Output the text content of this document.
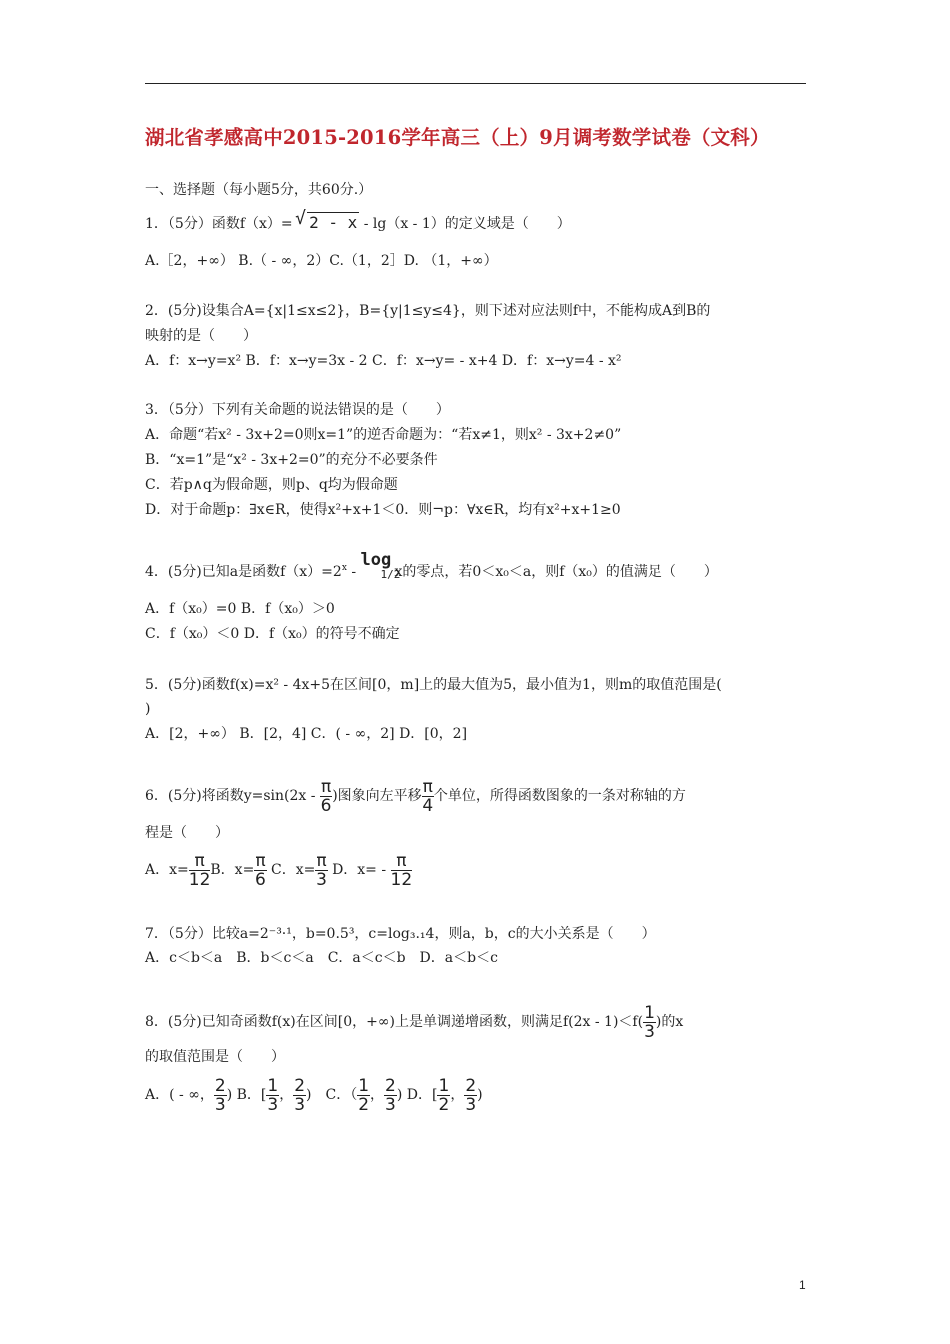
湖北省孝感高中2015-2016学年高三（上）9月调考数学试卷（文科）
一、选择题（每小题5分，共60分.）
1．（5分）函数f（x）= √ 2 - x - lg（x - 1）的定义域是（　　）
A.［2，+∞） B.（ - ∞，2）C.（1，2］D. （1，+∞）
2．(5分)设集合A={x|1≤x≤2}，B={y|1≤y≤4}，则下述对应法则f中，不能构成A到B的
映射的是（　　）
A．f：x→y=x² B．f：x→y=3x - 2 C．f：x→y= - x+4 D．f：x→y=4 - x²
3．（5分）下列有关命题的说法错误的是（　　）
A．命题“若x² - 3x+2=0则x=1”的逆否命题为：“若x≠1，则x² - 3x+2≠0”
B．“x=1”是“x² - 3x+2=0”的充分不必要条件
C．若p∧q为假命题，则p、q均为假命题
D．对于命题p：∃x∈R，使得x²+x+1＜0．则¬p：∀x∈R，均有x²+x+1≥0
4．(5分)已知a是函数$f(x)=2^x$ -
log
1/2
x的零点，若0＜x₀＜a，则f（x₀）的值满足（　　）
A．f（x₀）=0 B．f（x₀）＞0
C．f（x₀）＜0 D．f（x₀）的符号不确定
5．(5分)函数f(x)=x² - 4x+5在区间[0，m]上的最大值为5，最小值为1，则m的取值范围是(
)
A．[2，+∞） B．[2，4] C．( - ∞，2] D．[0，2]
6．(5分)将函数$y=\sin(2x - \frac{\pi}{6}$ )图象向左平移 $\frac{\pi}{4}$ 个单位，所得函数图象的一条对称轴的方
程是（　　）
A．$x= \frac{\pi}{12}$ B．$x= \frac{\pi}{6}$ C．$x= \frac{\pi}{3}$ D．$x= - \frac{\pi}{12}$
7．（5分）比较a=2⁻³·¹，b=0.5³，c=log₃.₁4，则a，b，c的大小关系是（　　）
A．c＜b＜a　B．b＜c＜a　C．a＜c＜b　D．a＜b＜c
8．(5分)已知奇函数f(x)在区间[0，+∞)上是单调递增函数，则满足$f(2x - 1)<f( \frac{1}{3}$ )的x
的取值范围是（　　）
A．( - ∞， $\frac{2}{3}$ ) B．[ $\frac{1}{3}$ ， $\frac{2}{3}$ )　C．（ $\frac{1}{2}$ ， $\frac{2}{3}$ ) D．[ $\frac{1}{2}$ ， $\frac{2}{3}$ )
1
